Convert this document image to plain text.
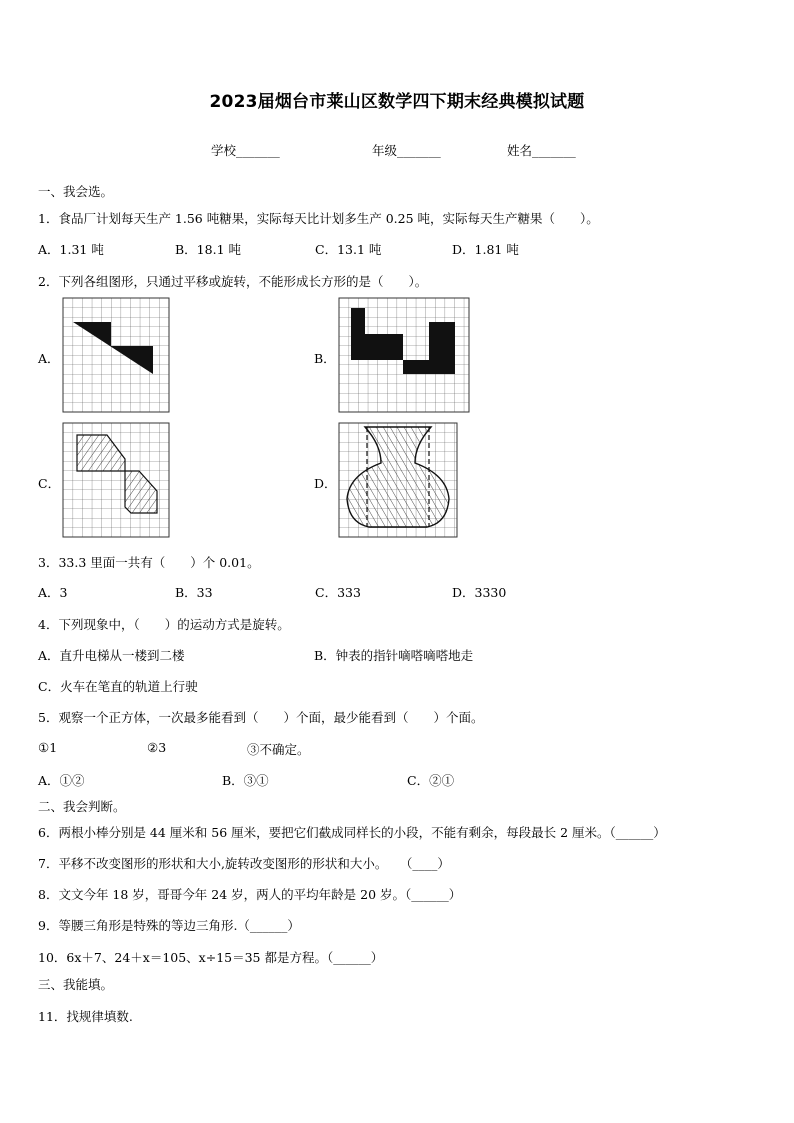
2023届烟台市莱山区数学四下期末经典模拟试题
学校_______	年级_______	姓名_______
一、我会选。
1．食品厂计划每天生产 1.56 吨糖果，实际每天比计划多生产 0.25 吨，实际每天生产糖果（　　）。
A．1.31 吨	B．18.1 吨	C．13.1 吨	D．1.81 吨
2．下列各组图形，只通过平移或旋转，不能形成长方形的是（　　）。
A．	B．
C．	D．
3．33.3 里面一共有（　　）个 0.01。
A．3	B．33	C．333	D．3330
4．下列现象中，（　　）的运动方式是旋转。
A．直升电梯从一楼到二楼	B．钟表的指针嘀嗒嘀嗒地走
C．火车在笔直的轨道上行驶
5．观察一个正方体，一次最多能看到（　　）个面，最少能看到（　　）个面。
①1	②3	③不确定。
A．①②	B．③①	C．②①
二、我会判断。
6．两根小棒分别是 44 厘米和 56 厘米，要把它们截成同样长的小段，不能有剩余，每段最长 2 厘米。（______）
7．平移不改变图形的形状和大小,旋转改变图形的形状和大小。　　（____）
8．文文今年 18 岁，哥哥今年 24 岁，两人的平均年龄是 20 岁。（______）
9．等腰三角形是特殊的等边三角形.（______）
10．6x＋7、24＋x＝105、x÷15＝35 都是方程。（______）
三、我能填。
11．找规律填数.
